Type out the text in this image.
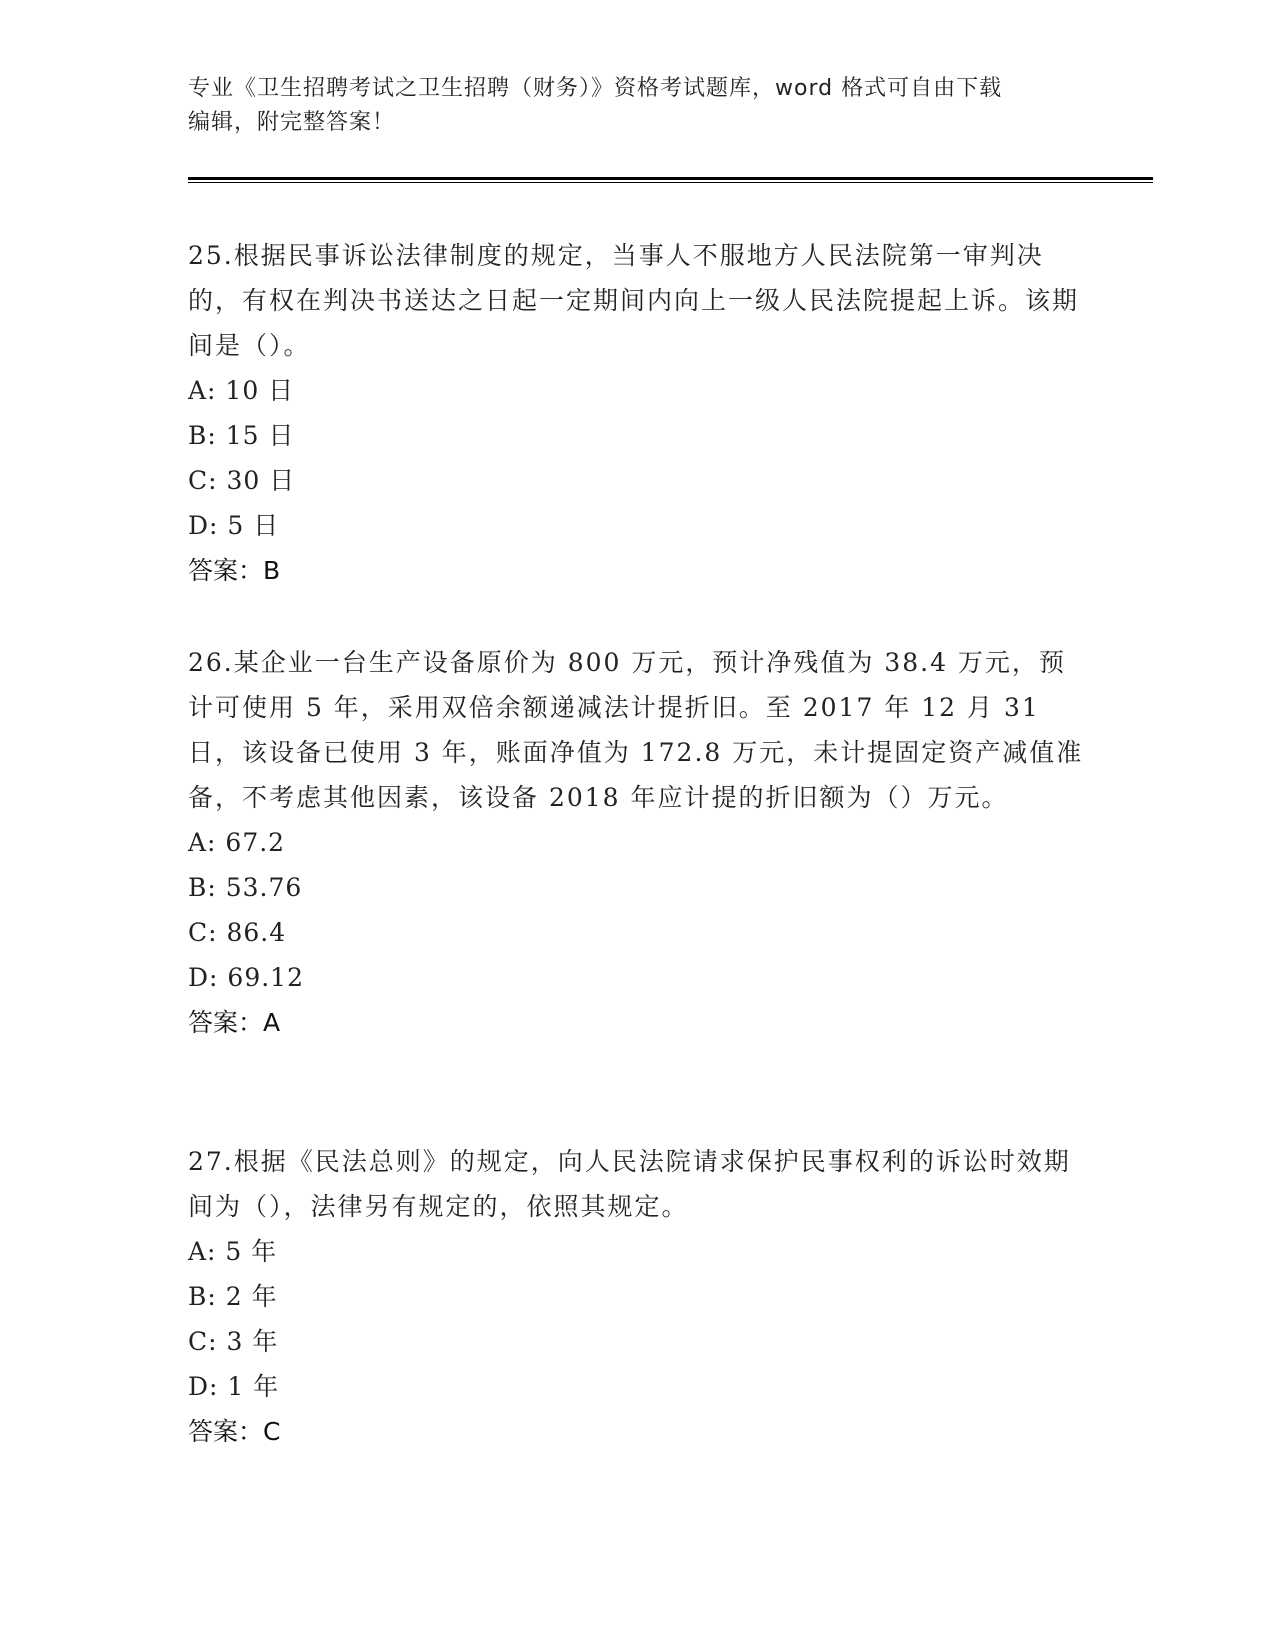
专业《卫生招聘考试之卫生招聘（财务）》资格考试题库，word 格式可自由下载
编辑，附完整答案！

25.根据民事诉讼法律制度的规定，当事人不服地方人民法院第一审判决的，有权在判决书送达之日起一定期间内向上一级人民法院提起上诉。该期间是（）。

A: 10 日

B: 15 日

C: 30 日

D: 5 日

答案：B

26.某企业一台生产设备原价为 800 万元，预计净残值为 38.4 万元，预计可使用 5 年，采用双倍余额递减法计提折旧。至 2017 年 12 月 31 日，该设备已使用 3 年，账面净值为 172.8 万元，未计提固定资产减值准备，不考虑其他因素，该设备 2018 年应计提的折旧额为（）万元。

A: 67.2

B: 53.76

C: 86.4

D: 69.12

答案：A

27.根据《民法总则》的规定，向人民法院请求保护民事权利的诉讼时效期间为（），法律另有规定的，依照其规定。

A: 5 年

B: 2 年

C: 3 年

D: 1 年

答案：C
